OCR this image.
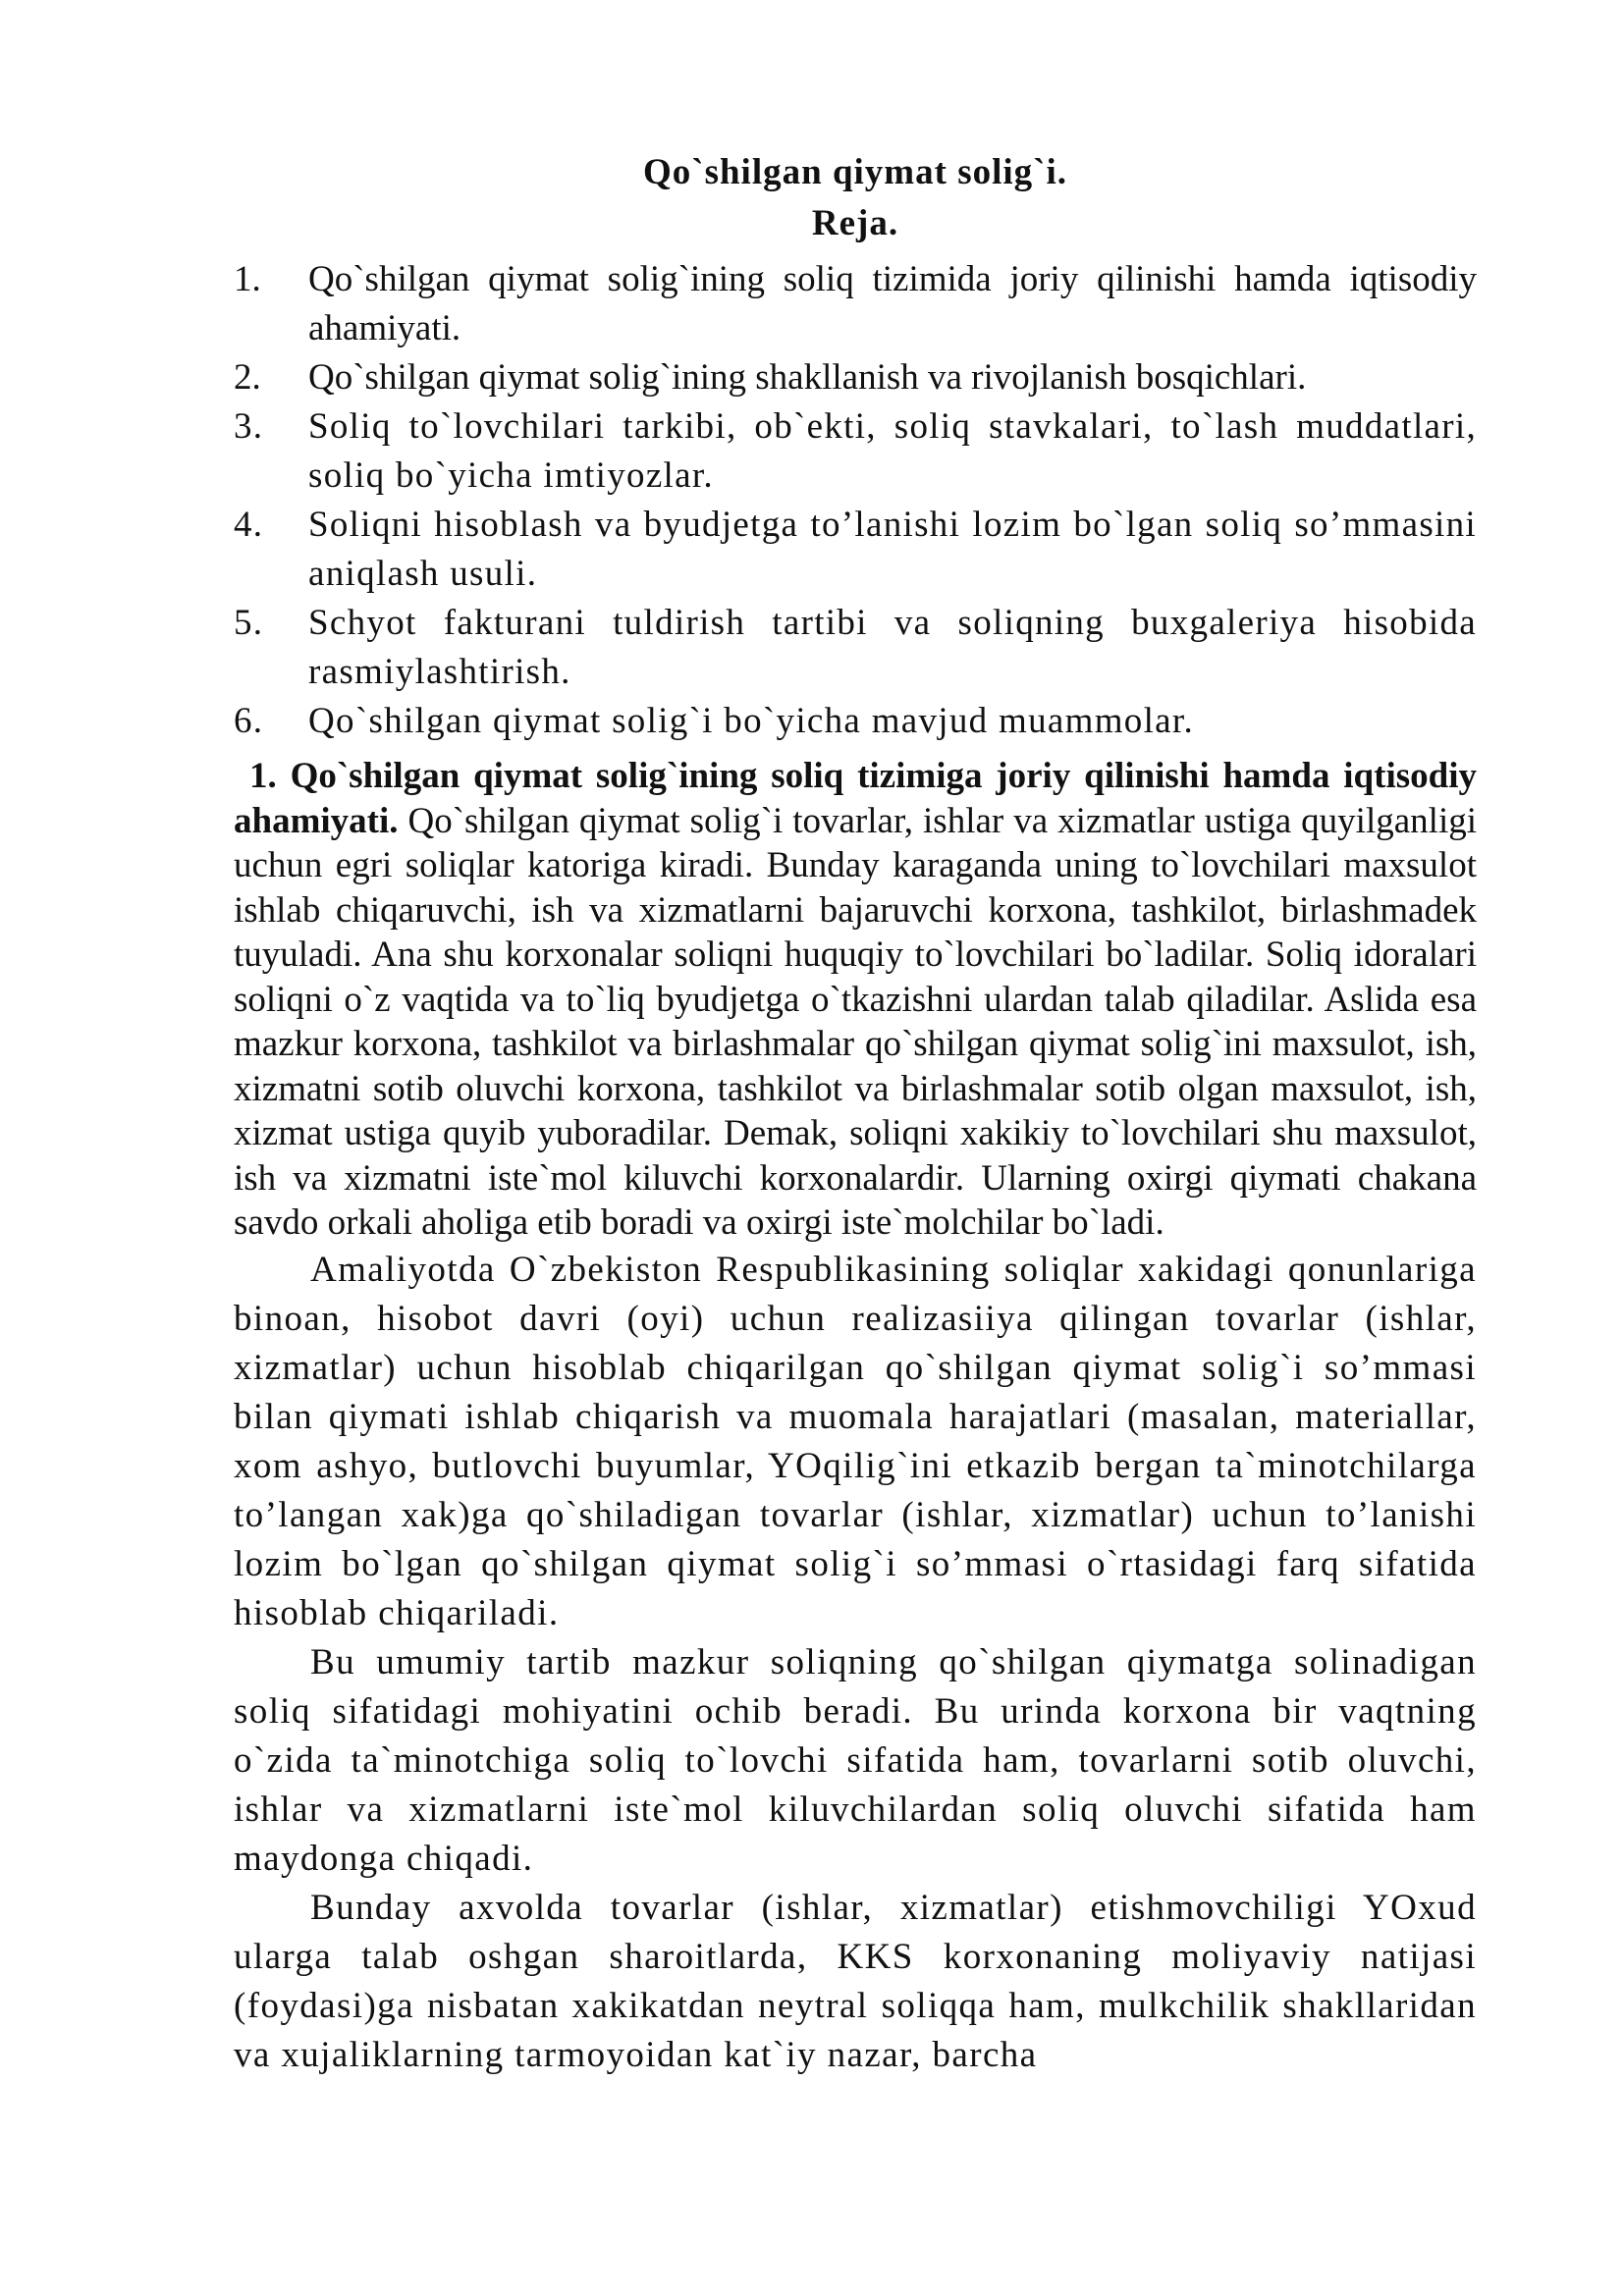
Qo`shilgan qiymat solig`i.
Reja.
1. Qo`shilgan qiymat solig`ining soliq tizimida joriy qilinishi hamda iqtisodiy ahamiyati.
2. Qo`shilgan qiymat solig`ining shakllanish va rivojlanish bosqichlari.
3. Soliq to`lovchilari tarkibi, ob`ekti, soliq stavkalari, to`lash muddatlari, soliq bo`yicha imtiyozlar.
4. Soliqni hisoblash va byudjetga to’lanishi lozim bo`lgan soliq so’mmasini aniqlash usuli.
5. Schyot fakturani tuldirish tartibi va soliqning buxgaleriya hisobida rasmiylashtirish.
6. Qo`shilgan qiymat solig`i bo`yicha mavjud muammolar.

1. Qo`shilgan qiymat solig`ining soliq tizimiga joriy qilinishi hamda iqtisodiy ahamiyati. Qo`shilgan qiymat solig`i tovarlar, ishlar va xizmatlar ustiga quyilganligi uchun egri soliqlar katoriga kiradi. Bunday karaganda uning to`lovchilari maxsulot ishlab chiqaruvchi, ish va xizmatlarni bajaruvchi korxona, tashkilot, birlashmadek tuyuladi. Ana shu korxonalar soliqni huquqiy to`lovchilari bo`ladilar. Soliq idoralari soliqni o`z vaqtida va to`liq byudjetga o`tkazishni ulardan talab qiladilar. Aslida esa mazkur korxona, tashkilot va birlashmalar qo`shilgan qiymat solig`ini maxsulot, ish, xizmatni sotib oluvchi korxona, tashkilot va birlashmalar sotib olgan maxsulot, ish, xizmat ustiga quyib yuboradilar. Demak, soliqni xakikiy to`lovchilari shu maxsulot, ish va xizmatni iste`mol kiluvchi korxonalardir. Ularning oxirgi qiymati chakana savdo orkali aholiga etib boradi va oxirgi iste`molchilar bo`ladi.

Amaliyotda O`zbekiston Respublikasining soliqlar xakidagi qonunlariga binoan, hisobot davri (oyi) uchun realizasiiya qilingan tovarlar (ishlar, xizmatlar) uchun hisoblab chiqarilgan qo`shilgan qiymat solig`i so’mmasi bilan qiymati ishlab chiqarish va muomala harajatlari (masalan, materiallar, xom ashyo, butlovchi buyumlar, YOqilig`ini etkazib bergan ta`minotchilarga to’langan xak)ga qo`shiladigan tovarlar (ishlar, xizmatlar) uchun to’lanishi lozim bo`lgan qo`shilgan qiymat solig`i so’mmasi o`rtasidagi farq sifatida hisoblab chiqariladi.

Bu umumiy tartib mazkur soliqning qo`shilgan qiymatga solinadigan soliq sifatidagi mohiyatini ochib beradi. Bu urinda korxona bir vaqtning o`zida ta`minotchiga soliq to`lovchi sifatida ham, tovarlarni sotib oluvchi, ishlar va xizmatlarni iste`mol kiluvchilardan soliq oluvchi sifatida ham maydonga chiqadi.

Bunday axvolda tovarlar (ishlar, xizmatlar) etishmovchiligi YOxud ularga talab oshgan sharoitlarda, KKS korxonaning moliyaviy natijasi (foydasi)ga nisbatan xakikatdan neytral soliqqa ham, mulkchilik shakllaridan va xujaliklarning tarmoyoidan kat`iy nazar, barcha
